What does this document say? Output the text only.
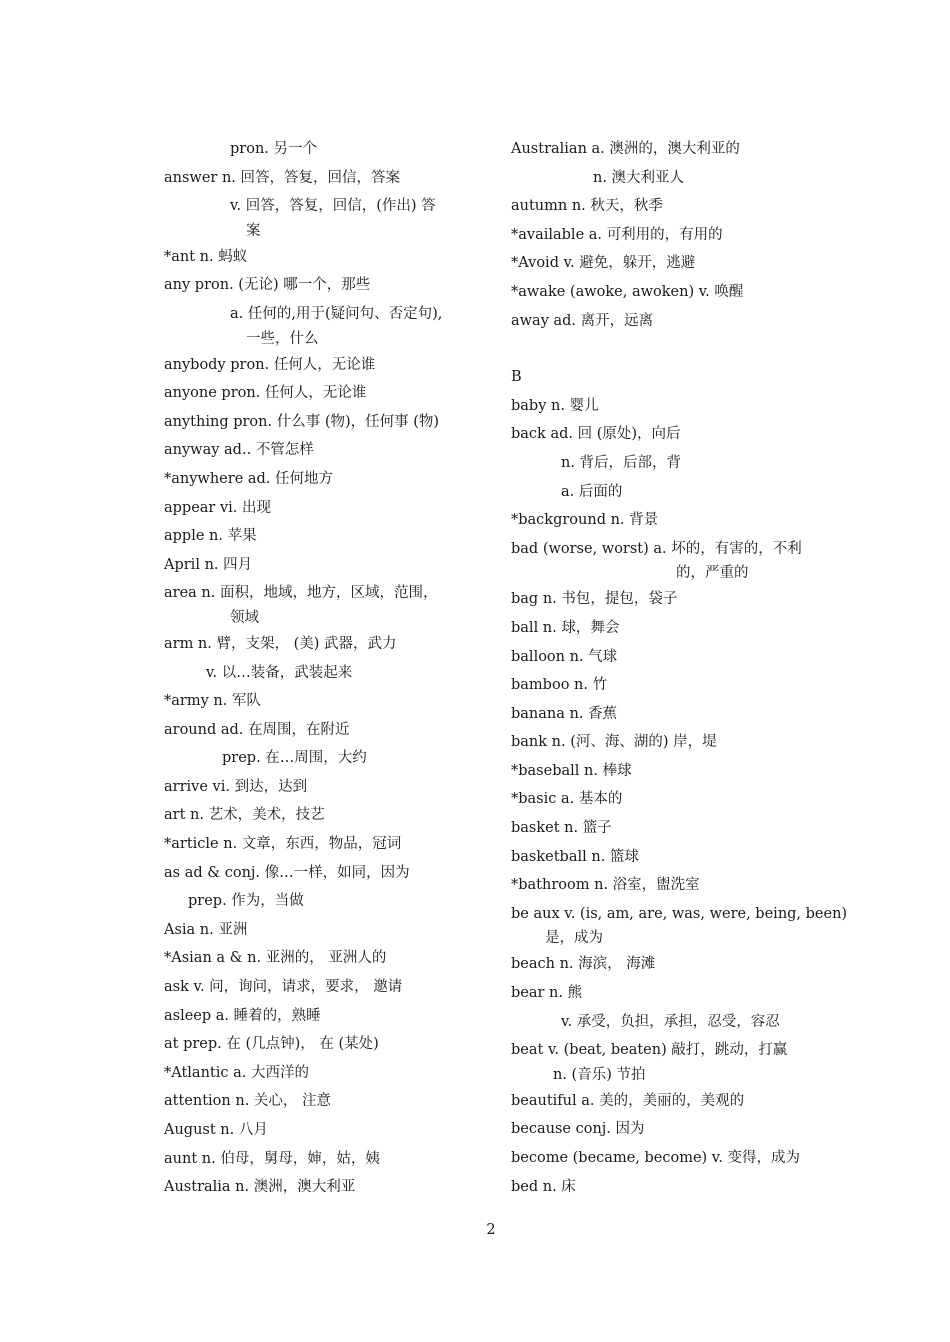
pron. 另一个
answer n. 回答，答复，回信，答案
v. 回答，答复，回信，(作出) 答
案
*ant n. 蚂蚁
any pron. (无论) 哪一个，那些
a. 任何的,用于(疑问句、否定句),
一些，什么
anybody pron. 任何人，无论谁
anyone pron. 任何人，无论谁
anything pron. 什么事 (物)，任何事 (物)
anyway ad.. 不管怎样
*anywhere ad. 任何地方
appear vi. 出现
apple n. 苹果
April n. 四月
area n. 面积，地域，地方，区域，范围，
领域
arm n. 臂，支架， (美) 武器，武力
v. 以…装备，武装起来
*army n. 军队
around ad. 在周围，在附近
prep. 在…周围，大约
arrive vi. 到达，达到
art n. 艺术，美术，技艺
*article n. 文章，东西，物品，冠词
as ad & conj. 像…一样，如同，因为
prep. 作为，当做
Asia n. 亚洲
*Asian a & n. 亚洲的， 亚洲人的
ask v. 问，询问，请求，要求， 邀请
asleep a. 睡着的，熟睡
at prep. 在 (几点钟)， 在 (某处)
*Atlantic a. 大西洋的
attention n. 关心， 注意
August n. 八月
aunt n. 伯母，舅母，婶，姑，姨
Australia n. 澳洲，澳大利亚
Australian a. 澳洲的，澳大利亚的
n. 澳大利亚人
autumn n. 秋天，秋季
*available a. 可利用的，有用的
*Avoid v. 避免，躲开，逃避
*awake (awoke, awoken) v. 唤醒
away ad. 离开，远离
B
baby n. 婴儿
back ad. 回 (原处)，向后
n. 背后，后部，背
a. 后面的
*background n. 背景
bad (worse, worst) a. 坏的，有害的，不利
的，严重的
bag n. 书包，提包，袋子
ball n. 球，舞会
balloon n. 气球
bamboo n. 竹
banana n. 香蕉
bank n. (河、海、湖的) 岸，堤
*baseball n. 棒球
*basic a. 基本的
basket n. 篮子
basketball n. 篮球
*bathroom n. 浴室，盥洗室
be aux v. (is, am, are, was, were, being, been)
是，成为
beach n. 海滨， 海滩
bear n. 熊
v. 承受，负担，承担，忍受，容忍
beat v. (beat, beaten) 敲打，跳动，打赢
n. (音乐) 节拍
beautiful a. 美的，美丽的，美观的
because conj. 因为
become (became, become) v. 变得，成为
bed n. 床
2
